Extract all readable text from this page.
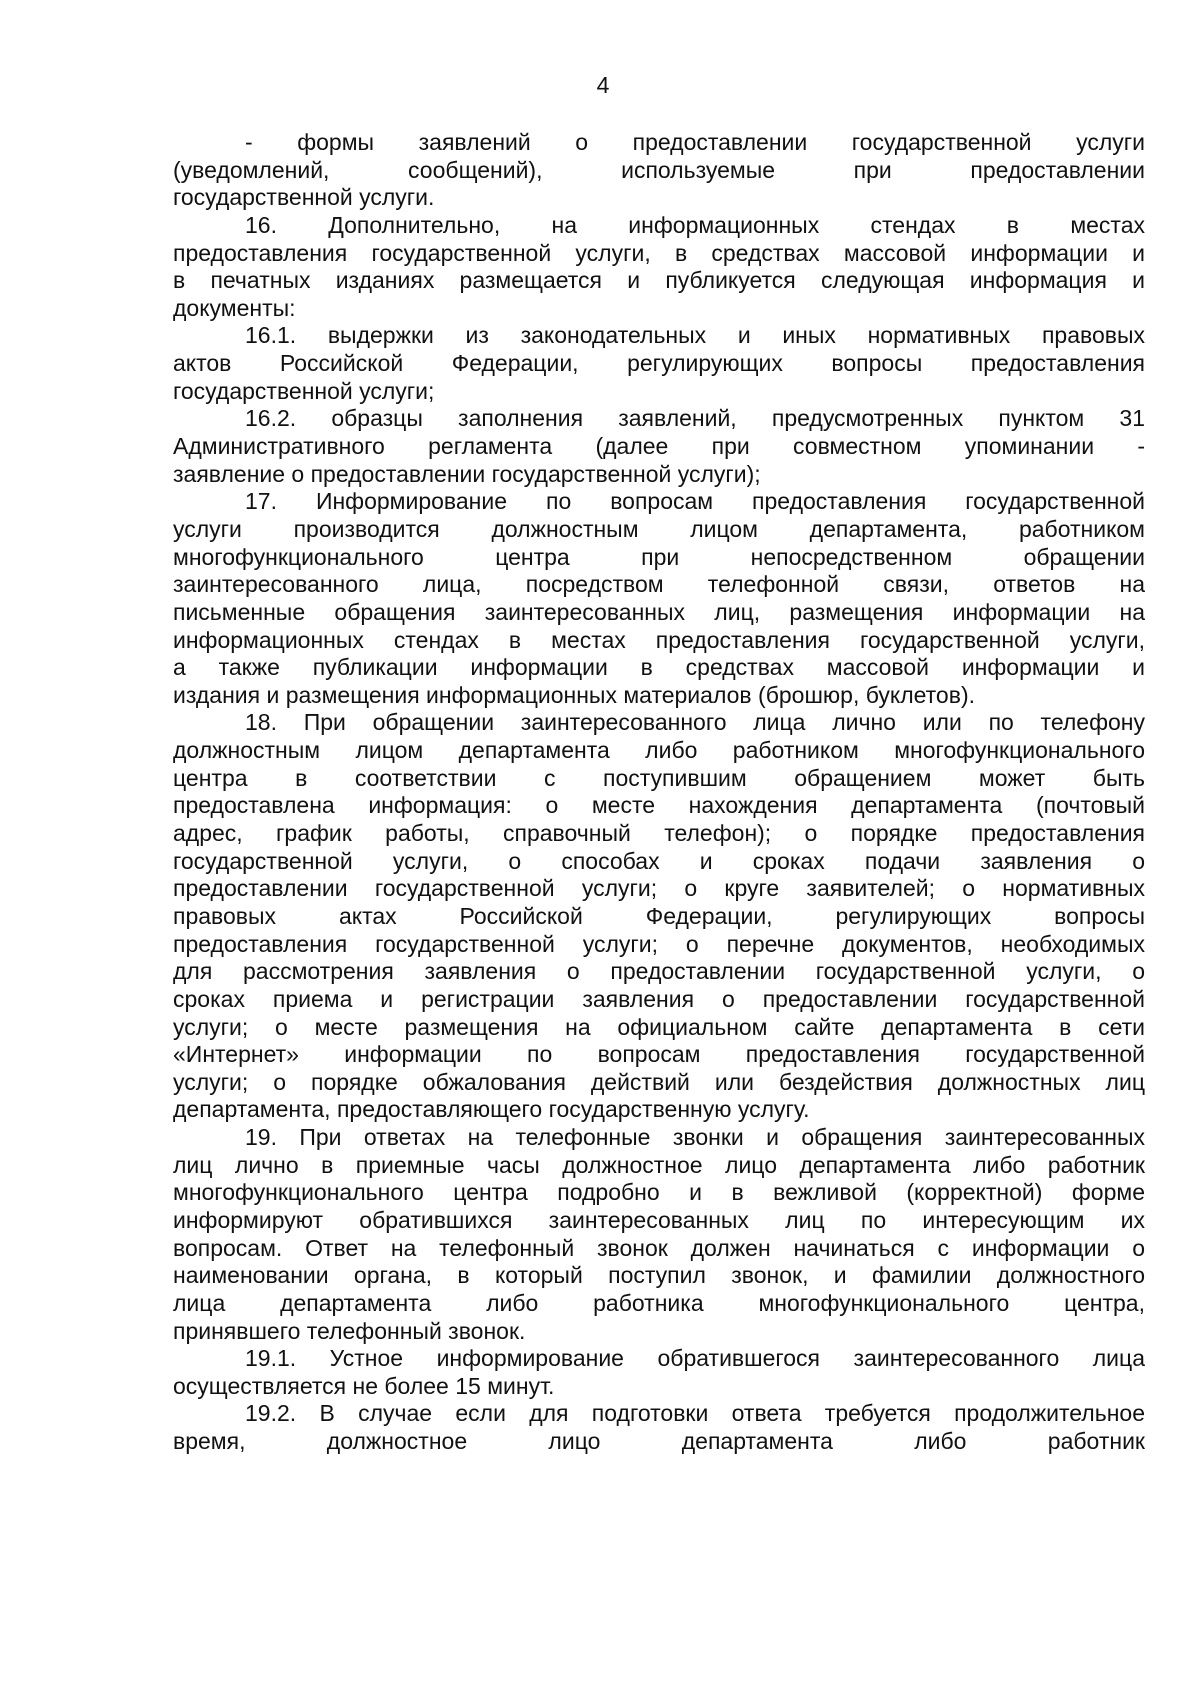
4
- формы заявлений о предоставлении государственной услуги
(уведомлений, сообщений), используемые при предоставлении
государственной услуги.
16. Дополнительно, на информационных стендах в местах
предоставления государственной услуги, в средствах массовой информации и
в печатных изданиях размещается и публикуется следующая информация и
документы:
16.1. выдержки из законодательных и иных нормативных правовых
актов Российской Федерации, регулирующих вопросы предоставления
государственной услуги;
16.2. образцы заполнения заявлений, предусмотренных пунктом 31
Административного регламента (далее при совместном упоминании -
заявление о предоставлении государственной услуги);
17. Информирование по вопросам предоставления государственной
услуги производится должностным лицом департамента, работником
многофункционального центра при непосредственном обращении
заинтересованного лица, посредством телефонной связи, ответов на
письменные обращения заинтересованных лиц, размещения информации на
информационных стендах в местах предоставления государственной услуги,
а также публикации информации в средствах массовой информации и
издания и размещения информационных материалов (брошюр, буклетов).
18. При обращении заинтересованного лица лично или по телефону
должностным лицом департамента либо работником многофункционального
центра в соответствии с поступившим обращением может быть
предоставлена информация: о месте нахождения департамента (почтовый
адрес, график работы, справочный телефон); о порядке предоставления
государственной услуги, о способах и сроках подачи заявления о
предоставлении государственной услуги; о круге заявителей; о нормативных
правовых актах Российской Федерации, регулирующих вопросы
предоставления государственной услуги; о перечне документов, необходимых
для рассмотрения заявления о предоставлении государственной услуги, о
сроках приема и регистрации заявления о предоставлении государственной
услуги; о месте размещения на официальном сайте департамента в сети
«Интернет» информации по вопросам предоставления государственной
услуги; о порядке обжалования действий или бездействия должностных лиц
департамента, предоставляющего государственную услугу.
19. При ответах на телефонные звонки и обращения заинтересованных
лиц лично в приемные часы должностное лицо департамента либо работник
многофункционального центра подробно и в вежливой (корректной) форме
информируют обратившихся заинтересованных лиц по интересующим их
вопросам. Ответ на телефонный звонок должен начинаться с информации о
наименовании органа, в который поступил звонок, и фамилии должностного
лица департамента либо работника многофункционального центра,
принявшего телефонный звонок.
19.1. Устное информирование обратившегося заинтересованного лица
осуществляется не более 15 минут.
19.2. В случае если для подготовки ответа требуется продолжительное
время, должностное лицо департамента либо работник
